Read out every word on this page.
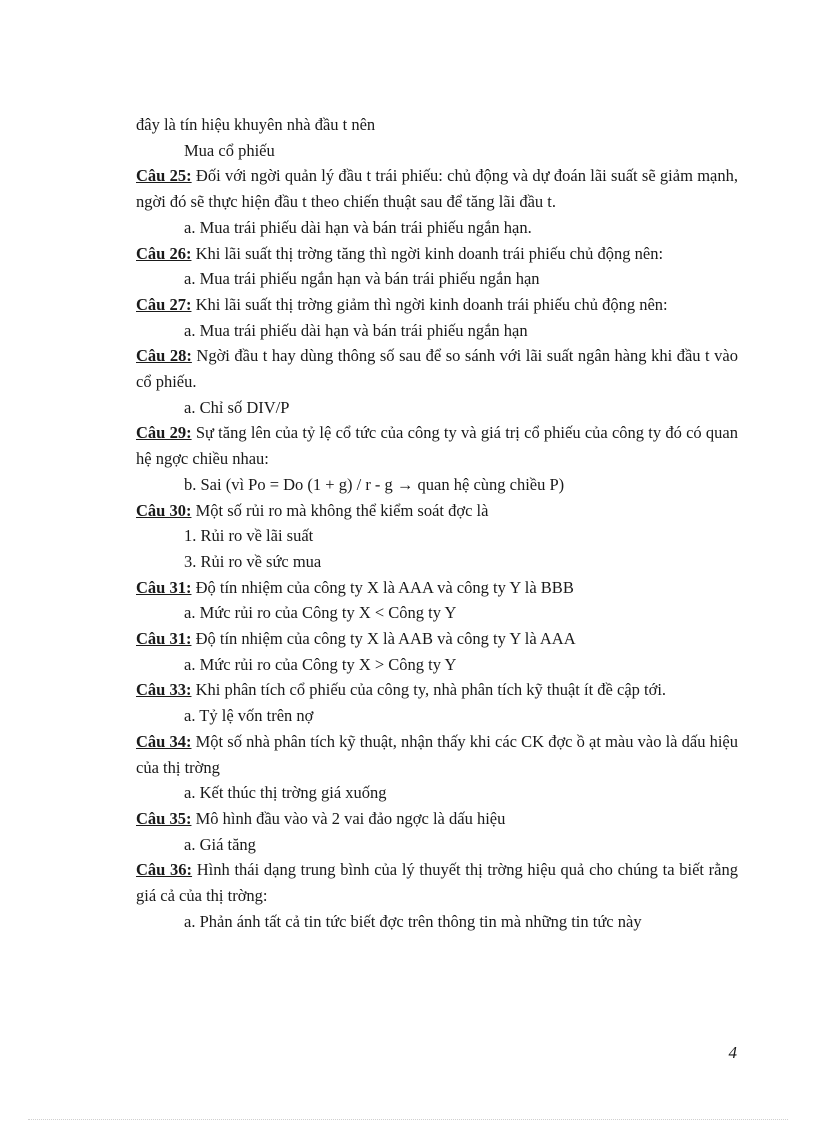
đây là tín hiệu khuyên nhà đầu t nên
Mua cổ phiếu
Câu 25: Đối với ngời quản lý đầu t trái phiếu: chủ động và dự đoán lãi suất sẽ giảm mạnh, ngời đó sẽ thực hiện đầu t theo chiến thuật sau để tăng lãi đầu t.
a. Mua trái phiếu dài hạn và bán trái phiếu ngắn hạn.
Câu 26: Khi lãi suất thị trờng tăng thì ngời kinh doanh trái phiếu chủ động nên:
a. Mua trái phiếu ngắn hạn và bán trái phiếu ngắn hạn
Câu 27: Khi lãi suất thị trờng giảm thì ngời kinh doanh trái phiếu chủ động nên:
a. Mua trái phiếu dài hạn và bán trái phiếu ngắn hạn
Câu 28: Ngời đầu t hay dùng thông số sau để so sánh với lãi suất ngân hàng khi đầu t vào cổ phiếu.
a. Chỉ số DIV/P
Câu 29: Sự tăng lên của tỷ lệ cổ tức của công ty và giá trị cổ phiếu của công ty đó có quan hệ ngợc chiều nhau:
b. Sai (vì Po = Do (1 + g) / r - g → quan hệ cùng chiều P)
Câu 30: Một số rủi ro mà không thể kiểm soát đợc là
1. Rủi ro về lãi suất
3. Rủi ro về sức mua
Câu 31: Độ tín nhiệm của công ty X là AAA và công ty Y là BBB
a. Mức rủi ro của Công ty X < Công ty Y
Câu 31: Độ tín nhiệm của công ty X là AAB và công ty Y là AAA
a. Mức rủi ro của Công ty X > Công ty Y
Câu 33: Khi phân tích cổ phiếu của công ty, nhà phân tích kỹ thuật ít đề cập tới.
a. Tỷ lệ vốn trên nợ
Câu 34: Một số nhà phân tích kỹ thuật, nhận thấy khi các CK đợc ồ ạt màu vào là dấu hiệu của thị trờng
a. Kết thúc thị trờng giá xuống
Câu 35: Mô hình đầu vào và 2 vai đảo ngợc là dấu hiệu
a. Giá tăng
Câu 36: Hình thái dạng trung bình của lý thuyết thị trờng hiệu quả cho chúng ta biết rằng giá cả của thị trờng:
a. Phản ánh tất cả tin tức biết đợc trên thông tin mà những tin tức này
4
